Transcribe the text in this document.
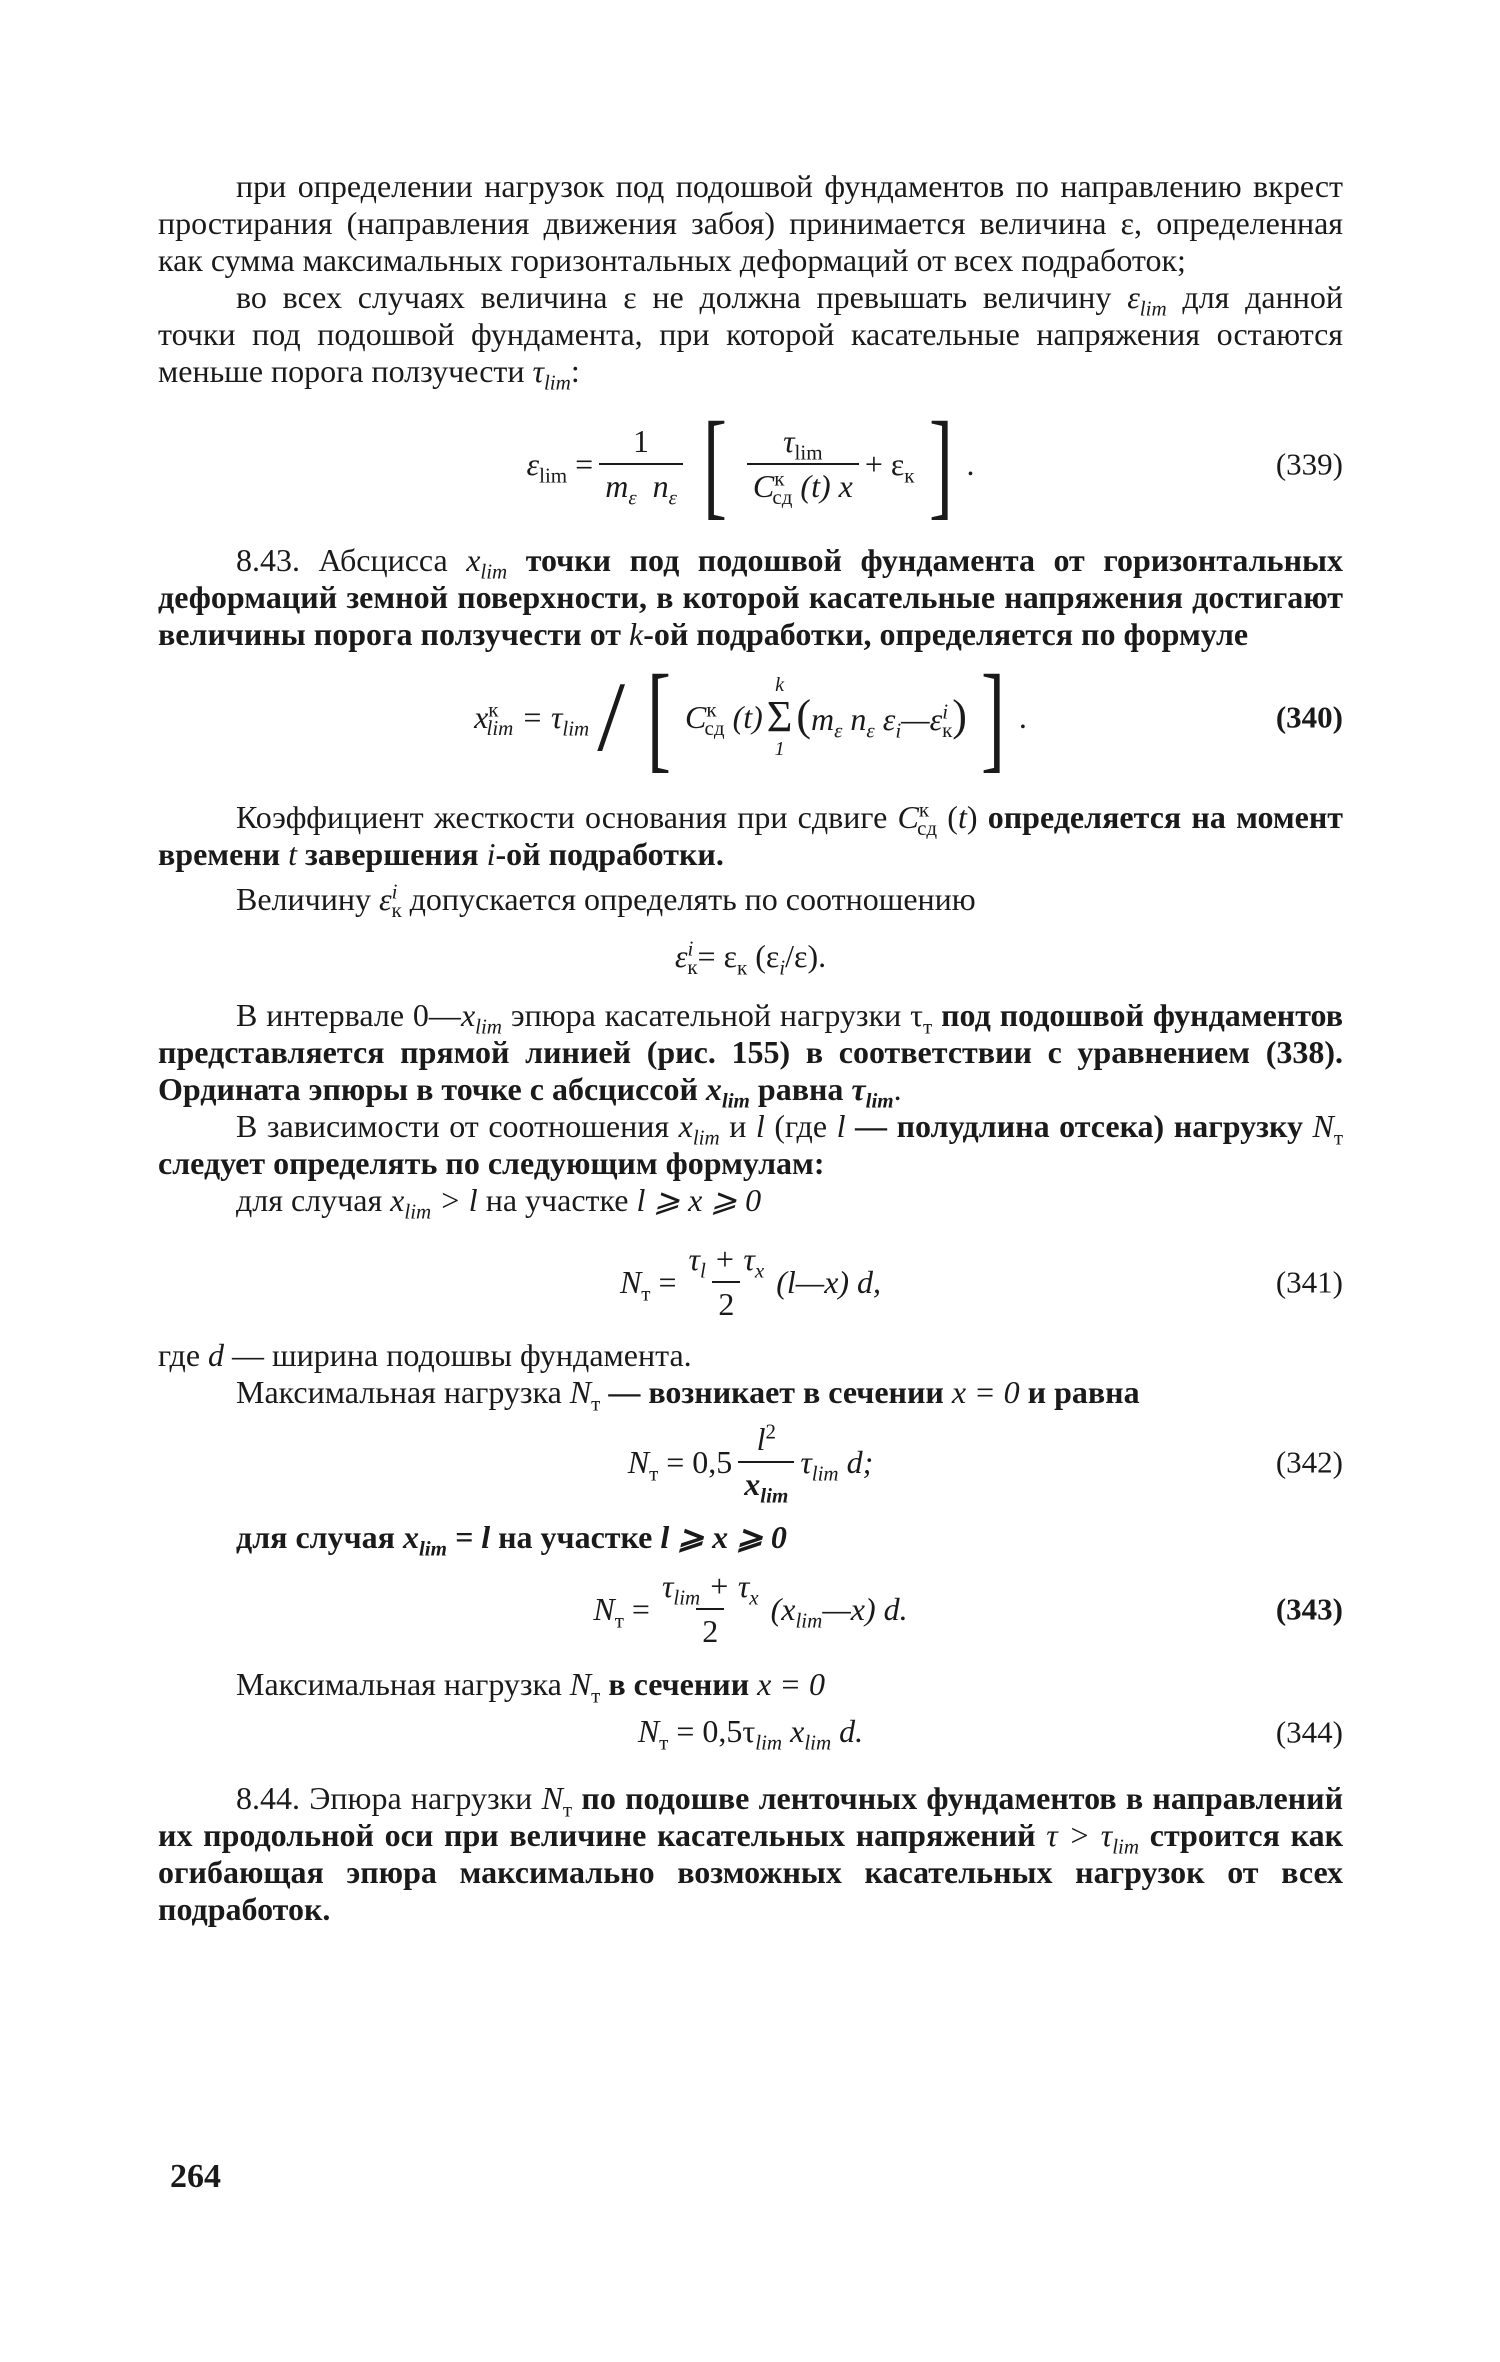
при определении нагрузок под подошвой фундаментов по направлению вкрест простирания (направления движения забоя) принимается величина ε, определенная как сумма максимальных горизонтальных деформаций от всех подработок;

во всех случаях величина ε не должна превышать величину $\varepsilon_{lim}$ для данной точки под подошвой фундамента, при которой касательные напряжения остаются меньше порога ползучести $\tau_{lim}$:

$\varepsilon_{lim} = \frac{1}{m_\varepsilon n_\varepsilon}$ [ $\frac{\tau_{lim}}{C^к_{сд} (t) x} + \varepsilon_к$ ] .	(339)

8.43. Абсцисса $x_{lim}$ точки под подошвой фундамента от горизонтальных деформаций земной поверхности, в которой касательные напряжения достигают величины порога ползучести от k-ой подработки, определяется по формуле

$x^к_{lim} = \tau_{lim}$ / [ $C^к_{сд}$ (t)
k
Σ
1
($m_\varepsilon$ $n_\varepsilon$ $\varepsilon_i—\varepsilon^i_к$) ] .	(340)

Коэффициент жесткости основания при сдвиге $C^к_{сд}$ (t) определяется на момент времени t завершения i-ой подработки.

Величину $\varepsilon^i_к$ допускается определять по соотношению

$\varepsilon^i_к= \varepsilon_к$ $(\varepsilon_i/\varepsilon)$.

В интервале $0—x_{lim}$ эпюра касательной нагрузки $\tau_т$ под подошвой фундаментов представляется прямой линией (рис. 155) в соответствии с уравнением (338). Ордината эпюры в точке с абсциссой $x_{lim}$ равна $\tau_{lim}$.

В зависимости от соотношения $x_{lim}$ и l (где l — полудлина отсека) нагрузку $N_т$ следует определять по следующим формулам:

для случая $x_{lim} > l$ на участке l ⩾ x ⩾ 0

$N_т = \frac{\tau_l + \tau_x}{2}$ (l—x) d,	(341)

где d — ширина подошвы фундамента.

Максимальная нагрузка $N_т$ — возникает в сечении x = 0 и равна

$N_т = 0,5 \frac{l^2}{x_{lim}} \tau_{lim}$ d;	(342)

для случая $x_{lim} = l$ на участке l ⩾ x ⩾ 0

$N_т = \frac{\tau_{lim} + \tau_x}{2}$ $(x_{lim}—x)$ d.	(343)

Максимальная нагрузка $N_т$ в сечении x = 0

$N_т = 0,5\tau_{lim}$ $x_{lim}$ d.	(344)

8.44. Эпюра нагрузки $N_т$ по подошве ленточных фундаментов в направлений их продольной оси при величине касательных напряжений $\tau > \tau_{lim}$ строится как огибающая эпюра максимально возможных касательных нагрузок от всех подработок.

264
